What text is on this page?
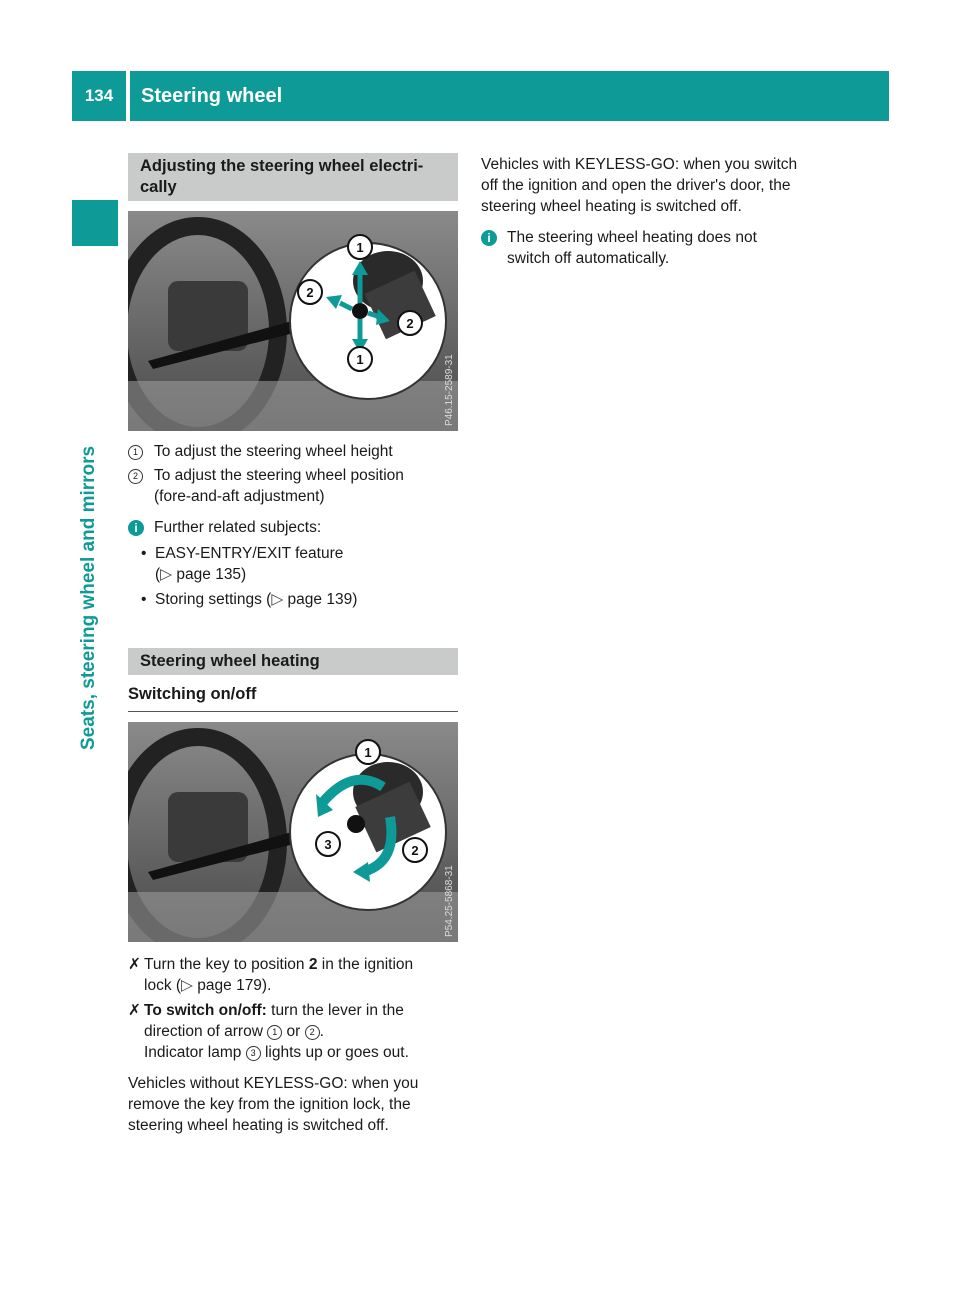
134	Steering wheel
Seats, steering wheel and mirrors
Adjusting the steering wheel electri-
cally
1
2
2
1	P46.15-2589-31
1	To adjust the steering wheel height
2	To adjust the steering wheel position
(fore-and-aft adjustment)
i	Further related subjects:
• EASY-ENTRY/EXIT feature
(▷ page 135)
• Storing settings (▷ page 139)
Steering wheel heating
Switching on/off
1
3	2
P54.25-5868-31
✗ Turn the key to position 2 in the ignition
lock (▷ page 179).
✗ To switch on/off: turn the lever in the
direction of arrow 1 or 2 .
Indicator lamp 3 lights up or goes out.
Vehicles without KEYLESS-GO: when you
remove the key from the ignition lock, the
steering wheel heating is switched off.
Vehicles with KEYLESS-GO: when you switch
off the ignition and open the driver's door, the
steering wheel heating is switched off.
i	The steering wheel heating does not
switch off automatically.
